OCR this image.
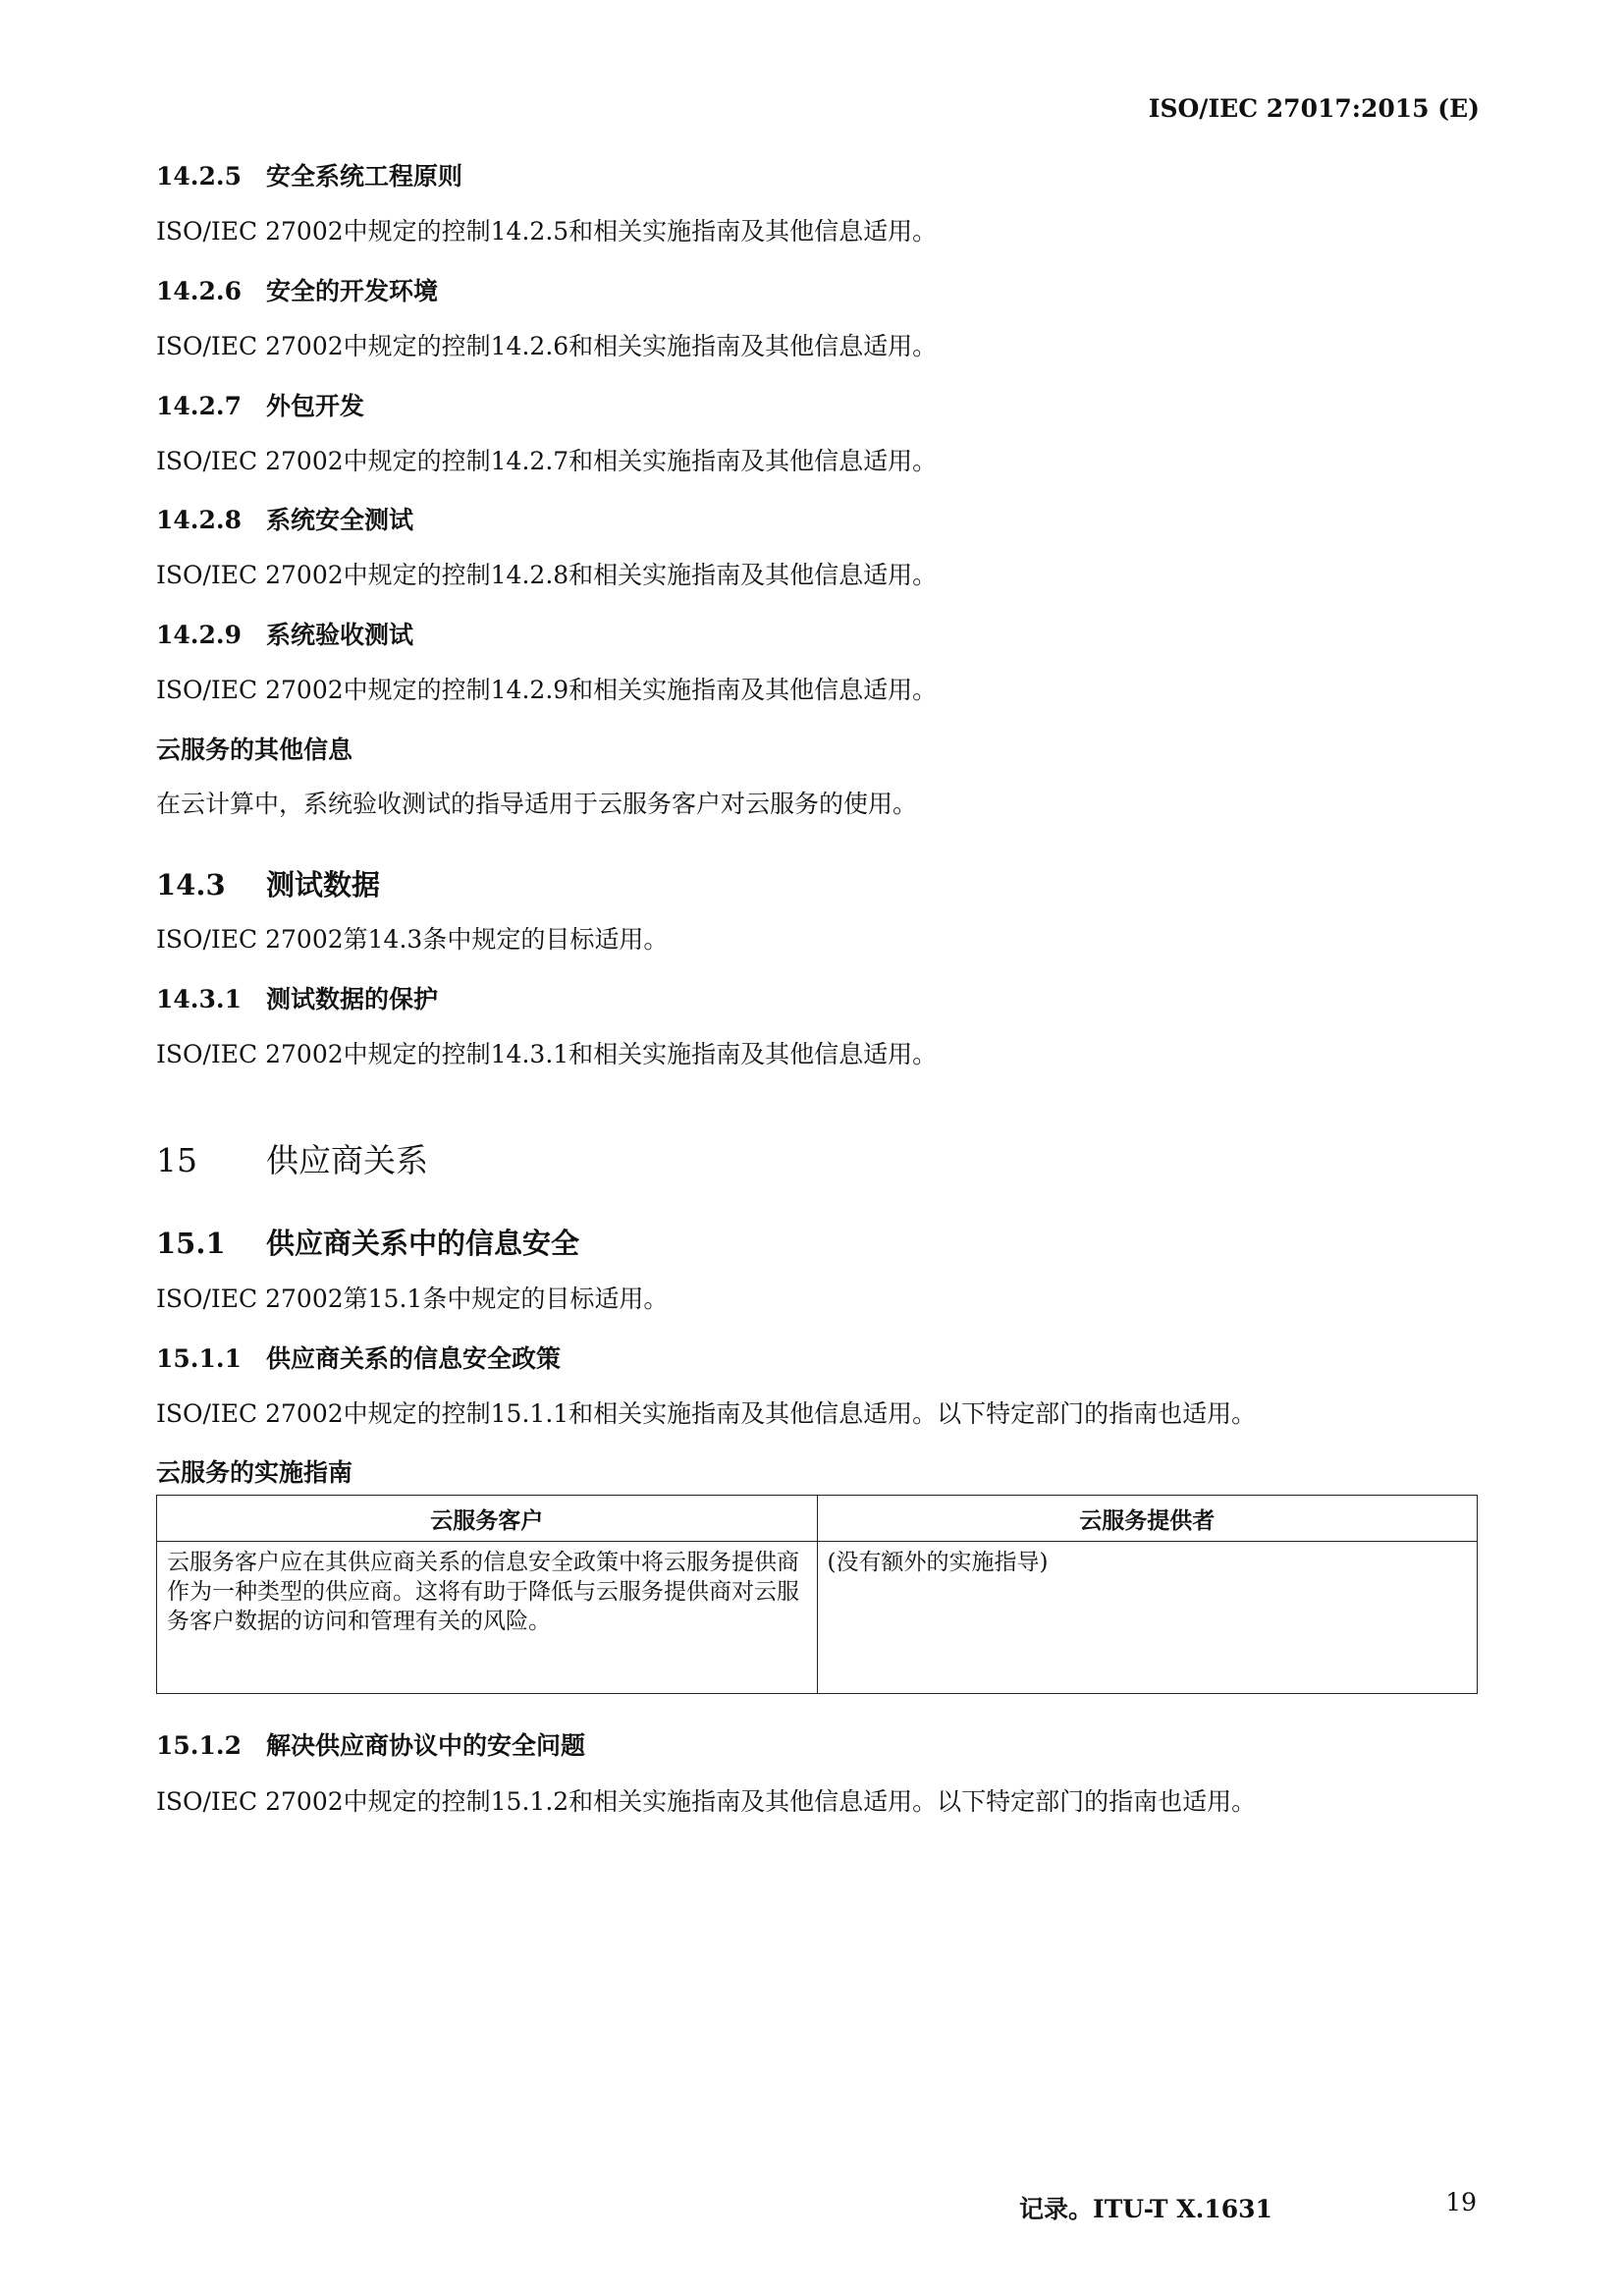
ISO/IEC 27017:2015 (E)
14.2.5 安全系统工程原则
ISO/IEC 27002中规定的控制14.2.5和相关实施指南及其他信息适用。
14.2.6 安全的开发环境
ISO/IEC 27002中规定的控制14.2.6和相关实施指南及其他信息适用。
14.2.7 外包开发
ISO/IEC 27002中规定的控制14.2.7和相关实施指南及其他信息适用。
14.2.8 系统安全测试
ISO/IEC 27002中规定的控制14.2.8和相关实施指南及其他信息适用。
14.2.9 系统验收测试
ISO/IEC 27002中规定的控制14.2.9和相关实施指南及其他信息适用。
云服务的其他信息
在云计算中，系统验收测试的指导适用于云服务客户对云服务的使用。
14.3 测试数据
ISO/IEC 27002第14.3条中规定的目标适用。
14.3.1 测试数据的保护
ISO/IEC 27002中规定的控制14.3.1和相关实施指南及其他信息适用。
15 供应商关系
15.1 供应商关系中的信息安全
ISO/IEC 27002第15.1条中规定的目标适用。
15.1.1 供应商关系的信息安全政策
ISO/IEC 27002中规定的控制15.1.1和相关实施指南及其他信息适用。以下特定部门的指南也适用。
云服务的实施指南
云服务客户	云服务提供者
云服务客户应在其供应商关系的信息安全政策中将云服务提供商作为一种类型的供应商。这将有助于降低与云服务提供商对云服务客户数据的访问和管理有关的风险。	(没有额外的实施指导)
15.1.2 解决供应商协议中的安全问题
ISO/IEC 27002中规定的控制15.1.2和相关实施指南及其他信息适用。以下特定部门的指南也适用。
记录。ITU-T X.1631	19
